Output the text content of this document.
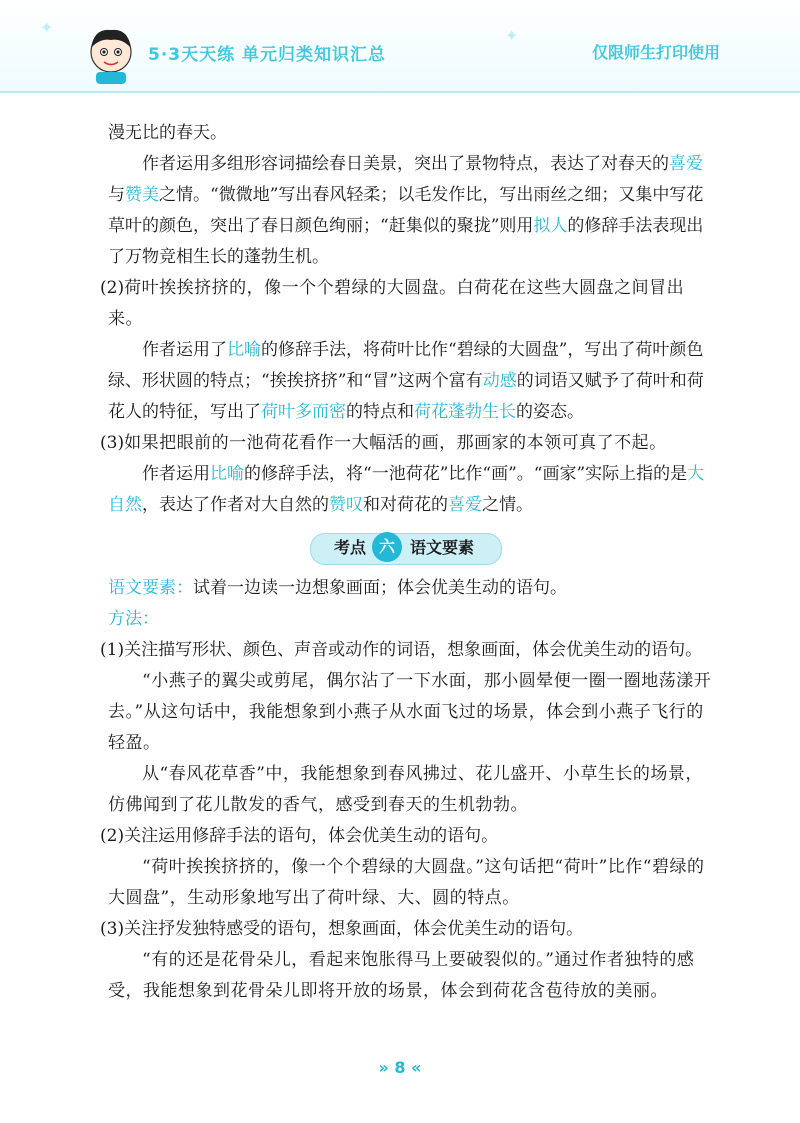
✦	✦
5·3天天练 单元归类知识汇总	仅限师生打印使用

漫无比的春天。

作者运用多组形容词描绘春日美景，突出了景物特点，表达了对春天的喜爱与赞美之情。“微微地”写出春风轻柔；以毛发作比，写出雨丝之细；又集中写花草叶的颜色，突出了春日颜色绚丽；“赶集似的聚拢”则用拟人的修辞手法表现出了万物竞相生长的蓬勃生机。

(2)荷叶挨挨挤挤的，像一个个碧绿的大圆盘。白荷花在这些大圆盘之间冒出来。

作者运用了比喻的修辞手法，将荷叶比作“碧绿的大圆盘”，写出了荷叶颜色绿、形状圆的特点；“挨挨挤挤”和“冒”这两个富有动感的词语又赋予了荷叶和荷花人的特征，写出了荷叶多而密的特点和荷花蓬勃生长的姿态。

(3)如果把眼前的一池荷花看作一大幅活的画，那画家的本领可真了不起。

作者运用比喻的修辞手法，将“一池荷花”比作“画”。“画家”实际上指的是大自然，表达了作者对大自然的赞叹和对荷花的喜爱之情。

考点 六 语文要素

语文要素：试着一边读一边想象画面；体会优美生动的语句。

方法：

(1)关注描写形状、颜色、声音或动作的词语，想象画面，体会优美生动的语句。

“小燕子的翼尖或剪尾，偶尔沾了一下水面，那小圆晕便一圈一圈地荡漾开去。”从这句话中，我能想象到小燕子从水面飞过的场景，体会到小燕子飞行的轻盈。

从“春风花草香”中，我能想象到春风拂过、花儿盛开、小草生长的场景，仿佛闻到了花儿散发的香气，感受到春天的生机勃勃。

(2)关注运用修辞手法的语句，体会优美生动的语句。

“荷叶挨挨挤挤的，像一个个碧绿的大圆盘。”这句话把“荷叶”比作“碧绿的大圆盘”，生动形象地写出了荷叶绿、大、圆的特点。

(3)关注抒发独特感受的语句，想象画面，体会优美生动的语句。

“有的还是花骨朵儿，看起来饱胀得马上要破裂似的。”通过作者独特的感受，我能想象到花骨朵儿即将开放的场景，体会到荷花含苞待放的美丽。

» 8 «
